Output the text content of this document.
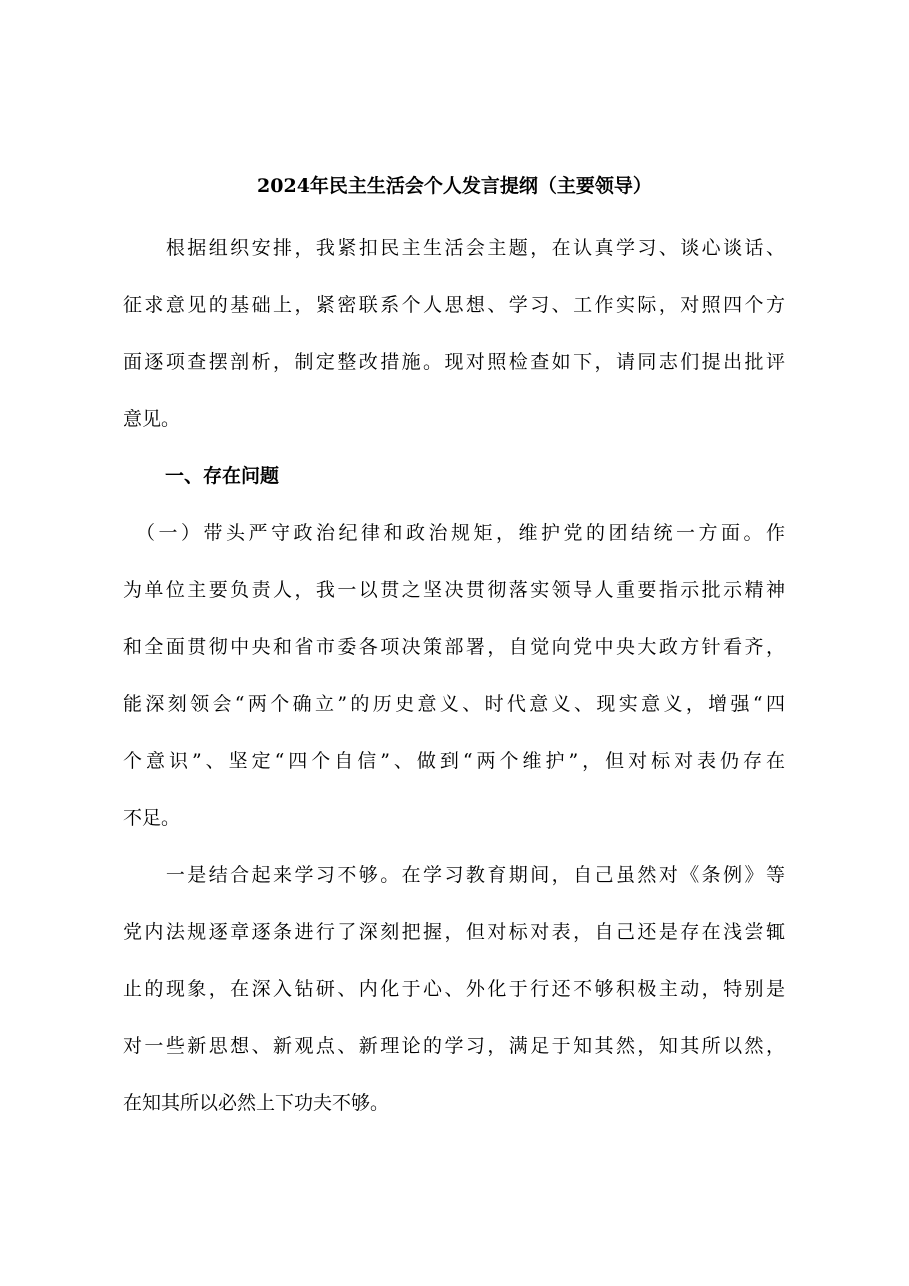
2024年民主生活会个人发言提纲（主要领导）
　　根据组织安排，我紧扣民主生活会主题，在认真学习、谈心谈话、
征求意见的基础上，紧密联系个人思想、学习、工作实际，对照四个方
面逐项查摆剖析，制定整改措施。现对照检查如下，请同志们提出批评
意见。
一、存在问题
　（一）带头严守政治纪律和政治规矩，维护党的团结统一方面。作
为单位主要负责人，我一以贯之坚决贯彻落实领导人重要指示批示精神
和全面贯彻中央和省市委各项决策部署，自觉向党中央大政方针看齐，
能深刻领会“两个确立”的历史意义、时代意义、现实意义，增强“四
个意识”、坚定“四个自信”、做到“两个维护”，但对标对表仍存在
不足。
　　一是结合起来学习不够。在学习教育期间，自己虽然对《条例》等
党内法规逐章逐条进行了深刻把握，但对标对表，自己还是存在浅尝辄
止的现象，在深入钻研、内化于心、外化于行还不够积极主动，特别是
对一些新思想、新观点、新理论的学习，满足于知其然，知其所以然，
在知其所以必然上下功夫不够。
